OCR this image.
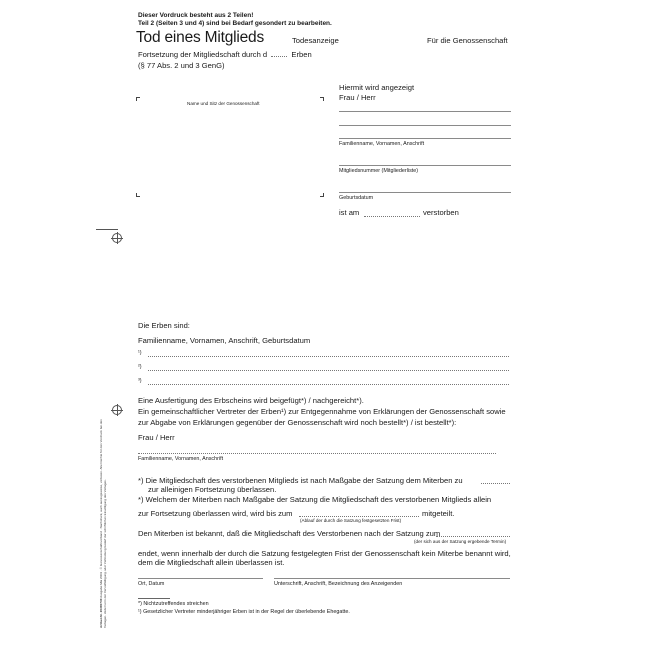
Dieser Vordruck besteht aus 2 Teilen!
Teil 2 (Seiten 3 und 4) sind bei Bedarf gesondert zu bearbeiten.
Tod eines Mitglieds	Todesanzeige	Für die Genossenschaft
Fortsetzung der Mitgliedschaft durch d	Erben
(§ 77 Abs. 2 und 3 GenG)
Name und Sitz der Genossenschaft
Hiermit wird angezeigt
Frau / Herr
Familienname, Vornamen, Anschrift
Mitgliedsnummer (Mitgliederliste)
Geburtsdatum
ist am	verstorben
Die Erben sind:
Familienname, Vornamen, Anschrift, Geburtsdatum
¹)
²)
³)
Eine Ausfertigung des Erbscheins wird beigefügt*) / nachgereicht*).
Ein gemeinschaftlicher Vertreter der Erben¹) zur Entgegennahme von Erklärungen der Genossenschaft sowie
zur Abgabe von Erklärungen gegenüber der Genossenschaft wird noch bestellt*) / ist bestellt*):
Frau / Herr
Familienname, Vornamen, Anschrift
*) Die Mitgliedschaft des verstorbenen Mitglieds ist nach Maßgabe der Satzung dem Miterben zu
zur alleinigen Fortsetzung überlassen.
*) Welchem der Miterben nach Maßgabe der Satzung die Mitgliedschaft des verstorbenen Mitglieds allein
zur Fortsetzung überlassen wird, wird bis zum	mitgeteilt.
(Ablauf der durch die Satzung festgesetzten Frist)
Den Miterben ist bekannt, daß die Mitgliedschaft des Verstorbenen nach der Satzung zum
(der sich aus der Satzung ergebende Termin)
endet, wenn innerhalb der durch die Satzung festgelegten Frist der Genossenschaft kein Miterbe benannt wird,
dem die Mitgliedschaft allein überlassen ist.
Ort, Datum	Unterschrift, Anschrift, Bezeichnung des Anzeigenden
*) Nichtzutreffendes streichen
¹) Gesetzlicher Vertreter minderjähriger Erben ist in der Regel der überlebende Ehegatte.
Artikel-Nr. 20300730 Ausgabe Mai 2009 · © Genossenschaftsverband · Nachdruck, auch auszugsweise, verboten. Alle Rechte für den Vordruck bei den Verlagen. Jede Form der Vervielfältigung oder Verbreitung bedarf der schriftlichen Einwilligung des Verlages.
